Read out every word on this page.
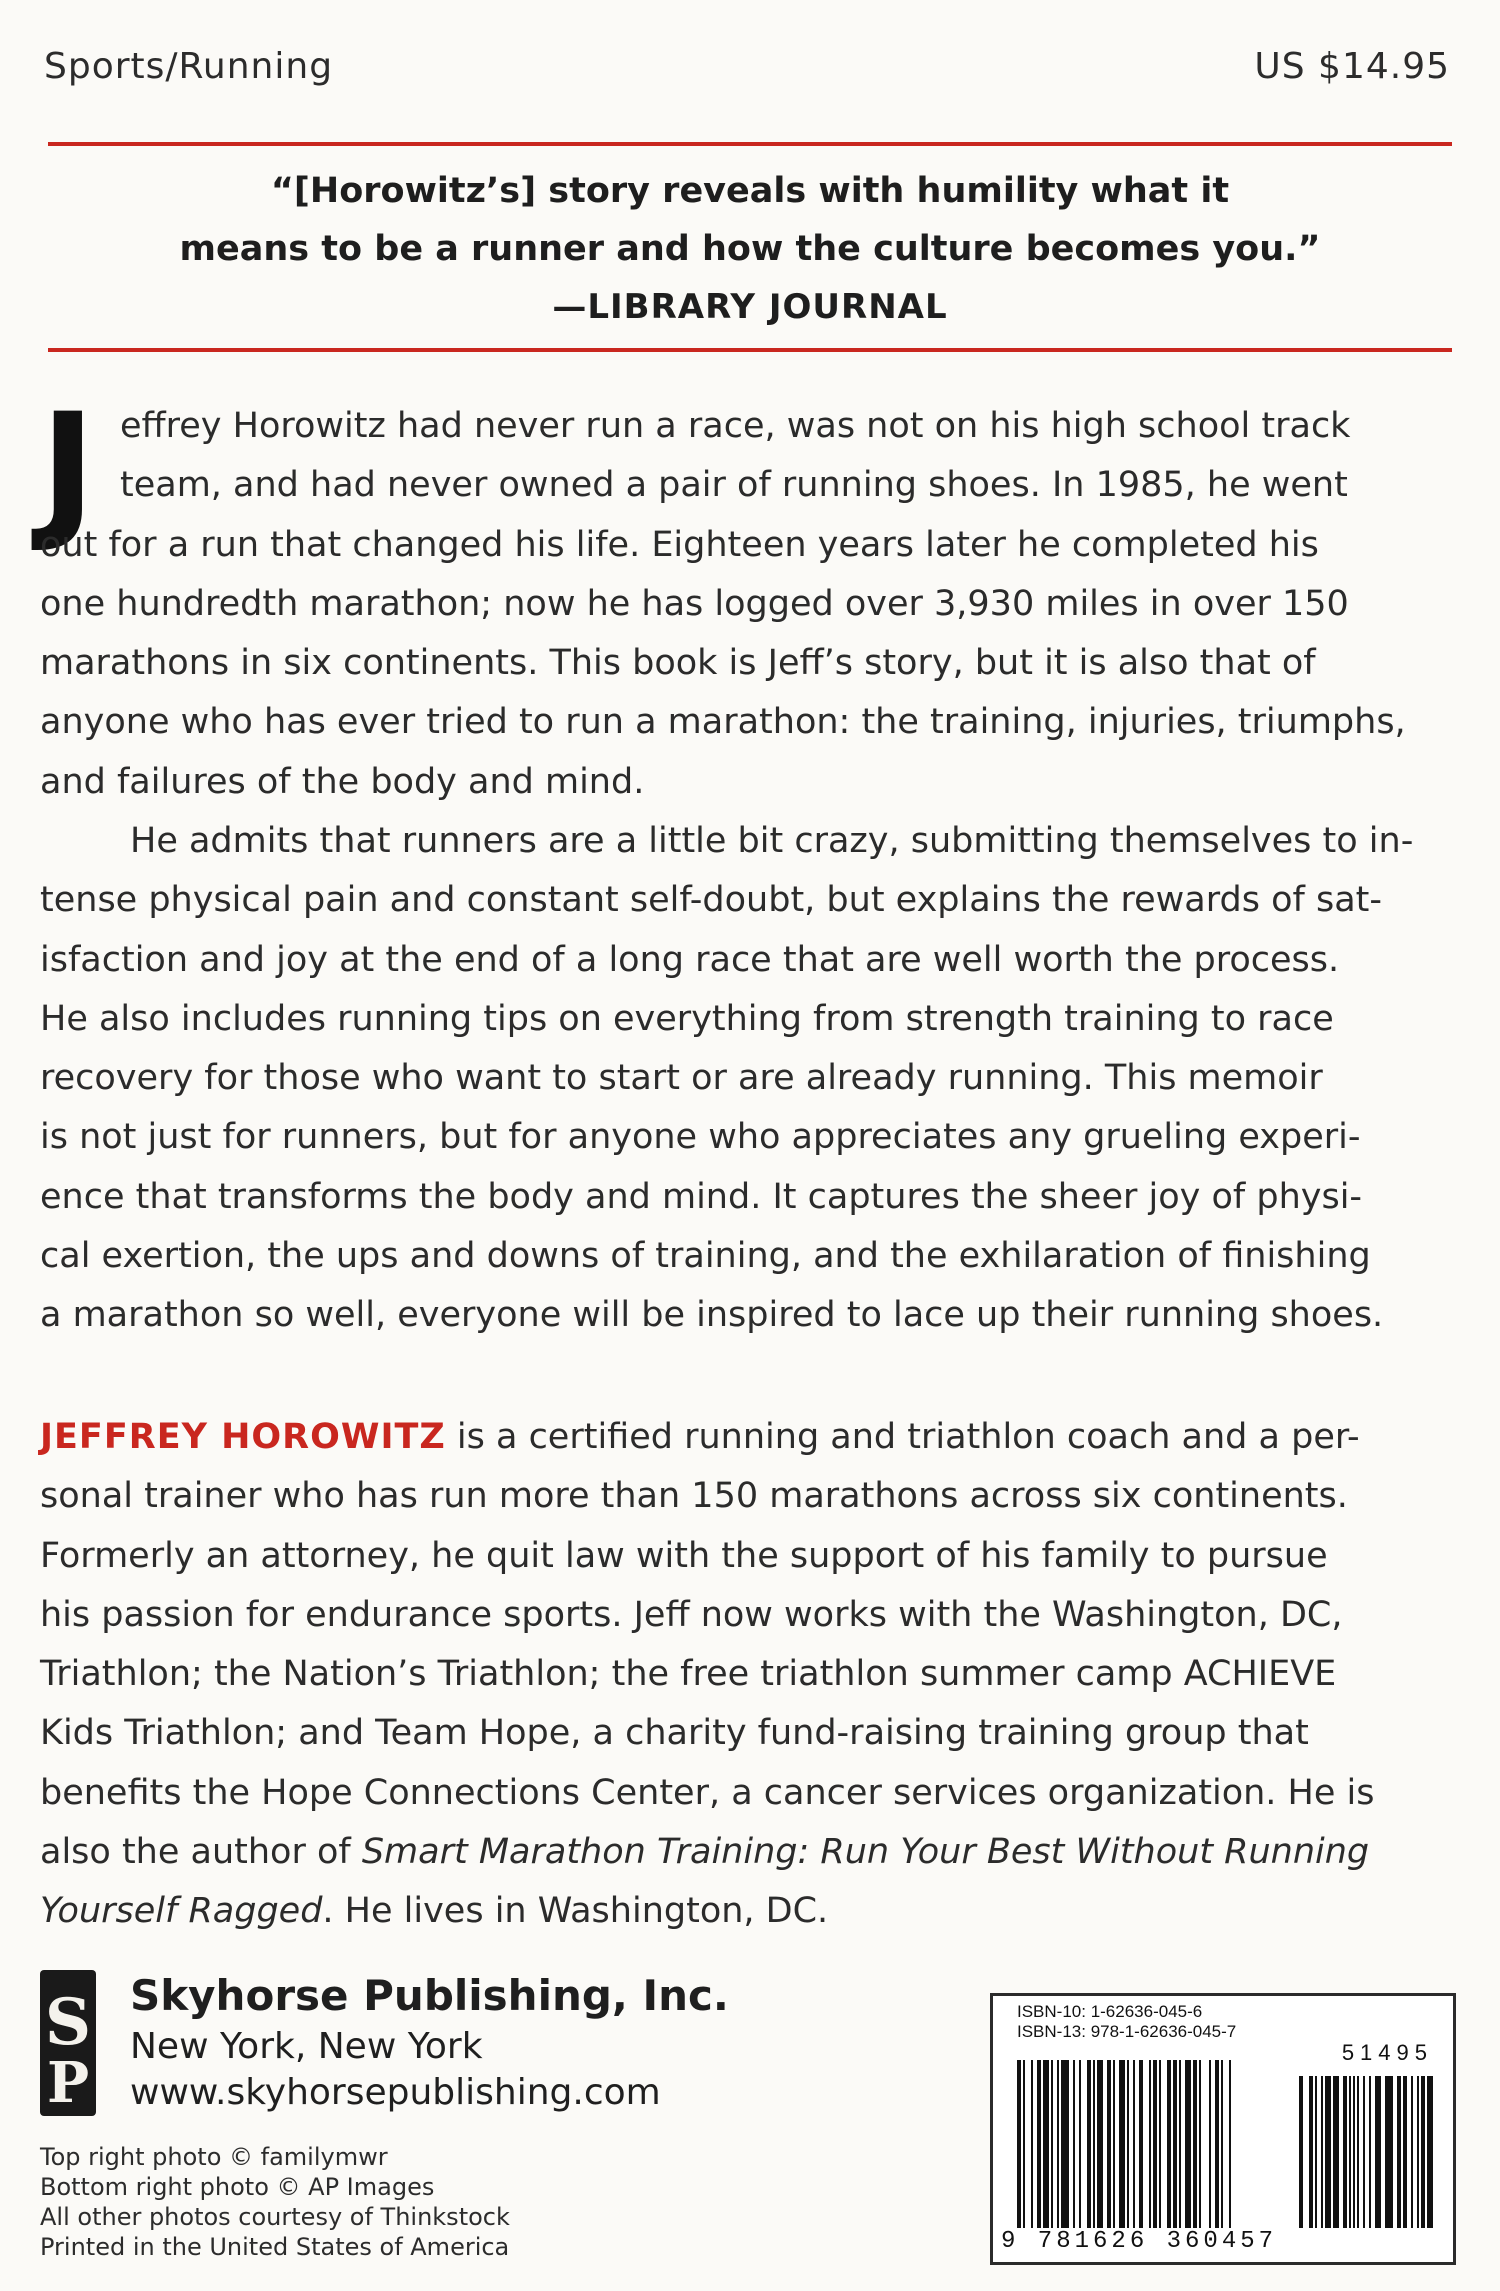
Sports/Running	US $14.95
“[Horowitz’s] story reveals with humility what it
means to be a runner and how the culture becomes you.”
—LIBRARY JOURNAL
J effrey Horowitz had never run a race, was not on his high school track
team, and had never owned a pair of running shoes. In 1985, he went
out for a run that changed his life. Eighteen years later he completed his
one hundredth marathon; now he has logged over 3,930 miles in over 150
marathons in six continents. This book is Jeff’s story, but it is also that of
anyone who has ever tried to run a marathon: the training, injuries, triumphs,
and failures of the body and mind.
He admits that runners are a little bit crazy, submitting themselves to in-
tense physical pain and constant self-doubt, but explains the rewards of sat-
isfaction and joy at the end of a long race that are well worth the process.
He also includes running tips on everything from strength training to race
recovery for those who want to start or are already running. This memoir
is not just for runners, but for anyone who appreciates any grueling experi-
ence that transforms the body and mind. It captures the sheer joy of physi-
cal exertion, the ups and downs of training, and the exhilaration of finishing
a marathon so well, everyone will be inspired to lace up their running shoes.
JEFFREY HOROWITZ is a certified running and triathlon coach and a per-
sonal trainer who has run more than 150 marathons across six continents.
Formerly an attorney, he quit law with the support of his family to pursue
his passion for endurance sports. Jeff now works with the Washington, DC,
Triathlon; the Nation’s Triathlon; the free triathlon summer camp ACHIEVE
Kids Triathlon; and Team Hope, a charity fund-raising training group that
benefits the Hope Connections Center, a cancer services organization. He is
also the author of Smart Marathon Training: Run Your Best Without Running
Yourself Ragged. He lives in Washington, DC.
S
P
Skyhorse Publishing, Inc.
New York, New York
www.skyhorsepublishing.com
Top right photo © familymwr
Bottom right photo © AP Images
All other photos courtesy of Thinkstock
Printed in the United States of America
ISBN-10: 1-62636-045-6
ISBN-13: 978-1-62636-045-7
51495
9 781626 360457
